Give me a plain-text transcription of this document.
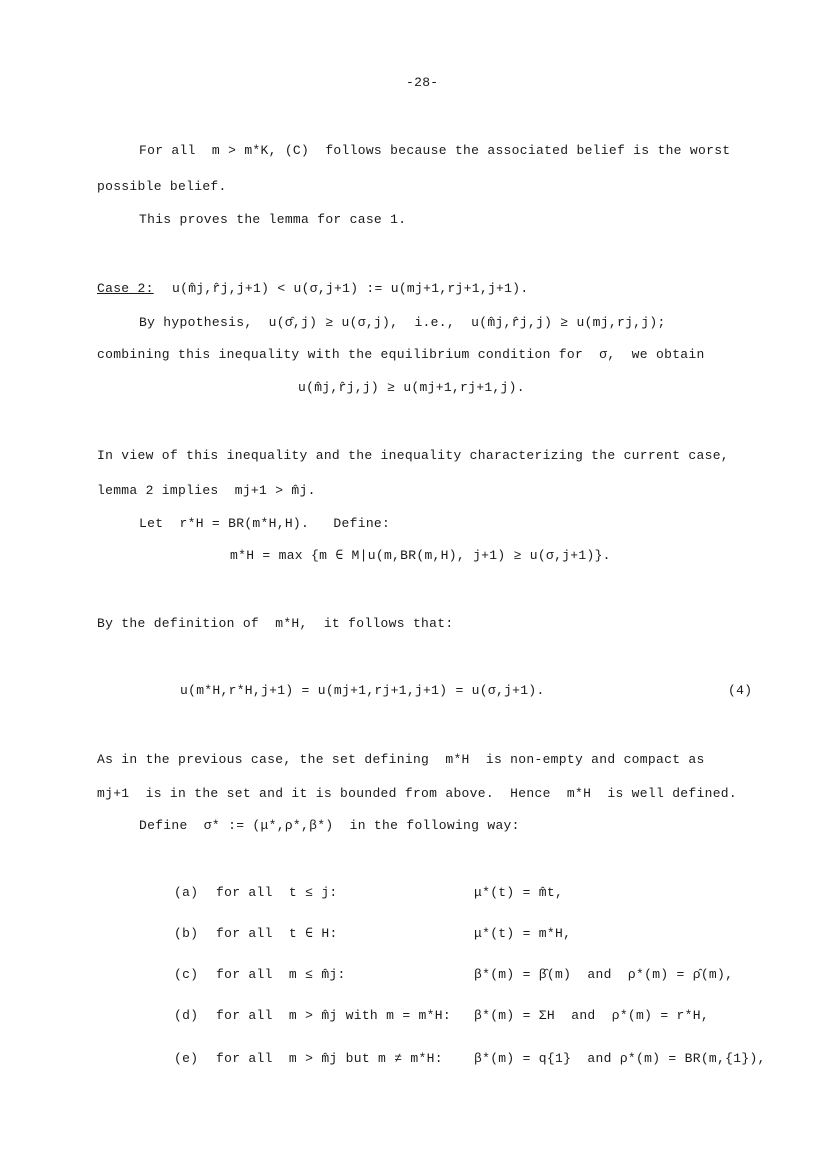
-28-
For all  m > m*K, (C)  follows because the associated belief is the worst
possible belief.
This proves the lemma for case 1.
Case 2: u(m̂j,r̂j,j+1) < u(σ,j+1) := u(mj+1,rj+1,j+1).
By hypothesis,  u(σ̂,j) ≥ u(σ,j),  i.e.,  u(m̂j,r̂j,j) ≥ u(mj,rj,j);
combining this inequality with the equilibrium condition for  σ,  we obtain
u(m̂j,r̂j,j) ≥ u(mj+1,rj+1,j).
In view of this inequality and the inequality characterizing the current case,
lemma 2 implies  mj+1 > m̂j.
Let  r*H = BR(m*H,H).   Define:
m*H = max {m ∈ M|u(m,BR(m,H), j+1) ≥ u(σ,j+1)}.
By the definition of  m*H,  it follows that:
u(m*H,r*H,j+1) = u(mj+1,rj+1,j+1) = u(σ,j+1).	(4)
As in the previous case, the set defining  m*H  is non-empty and compact as
mj+1  is in the set and it is bounded from above.  Hence  m*H  is well defined.
Define  σ* := (μ*,ρ*,β*)  in the following way:
(a) for all  t ≤ j:	μ*(t) = m̂t,
(b) for all  t ∈ H:	μ*(t) = m*H,
(c) for all  m ≤ m̂j:	β*(m) = β̂(m)  and  ρ*(m) = ρ̂(m),
(d) for all  m > m̂j with m = m*H: β*(m) = ΣH  and  ρ*(m) = r*H,
(e) for all  m > m̂j but m ≠ m*H: β*(m) = q{1}  and ρ*(m) = BR(m,{1}),
